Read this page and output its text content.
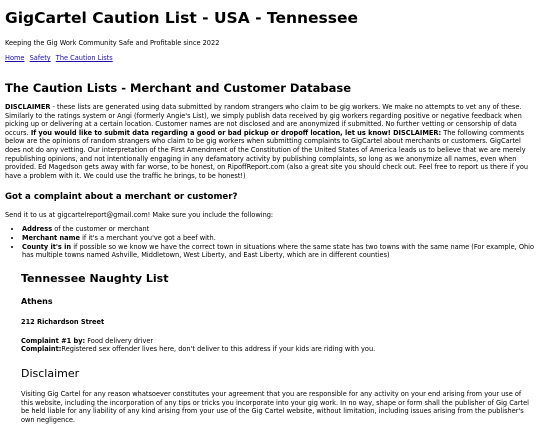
GigCartel Caution List - USA - Tennessee

Keeping the Gig Work Community Safe and Profitable since 2022

Home Safety The Caution Lists
The Caution Lists - Merchant and Customer Database

DISCLAIMER - these lists are generated using data submitted by random strangers who claim to be gig workers. We make no attempts to vet any of these. Similarly to the ratings system or Angi (formerly Angie's List), we simply publish data received by gig workers regarding positive or negative feedback when picking up or delivering at a certain location. Customer names are not disclosed and are anonymized if submitted. No further vetting or censorship of data occurs. If you would like to submit data regarding a good or bad pickup or dropoff location, let us know! DISCLAIMER: The following comments below are the opinions of random strangers who claim to be gig workers when submitting complaints to GigCartel about merchants or customers. GigCartel does not do any vetting. Our interpretation of the First Amendment of the Constitution of the United States of America leads us to believe that we are merely republishing opinions, and not intentionally engaging in any defamatory activity by publishing complaints, so long as we anonymize all names, even when provided. Ed Magedson gets away with far worse, to be honest, on RipoffReport.com (also a great site you should check out. Feel free to report us there if you have a problem with it. We could use the traffic he brings, to be honest!)

Got a complaint about a merchant or customer?

Send it to us at gigcartelreport@gmail.com! Make sure you include the following:

• Address of the customer or merchant
• Merchant name if it's a merchant you've got a beef with.
• County it's in if possible so we know we have the correct town in situations where the same state has two towns with the same name (For example, Ohio has multiple towns named Ashville, Middletown, West Liberty, and East Liberty, which are in different counties)
Tennessee Naughty List
Athens
212 Richardson Street
Complaint #1 by: Food delivery driver
Complaint:Registered sex offender lives here, don't deliver to this address if your kids are riding with you.
Disclaimer

Visiting Gig Cartel for any reason whatsoever constitutes your agreement that you are responsible for any activity on your end arising from your use of this website, including the incorporation of any tips or tricks you incorporate into your gig work. In no way, shape or form shall the publisher of Gig Cartel be held liable for any liability of any kind arising from your use of the Gig Cartel website, without limitation, including issues arising from the publisher's own negligence.
